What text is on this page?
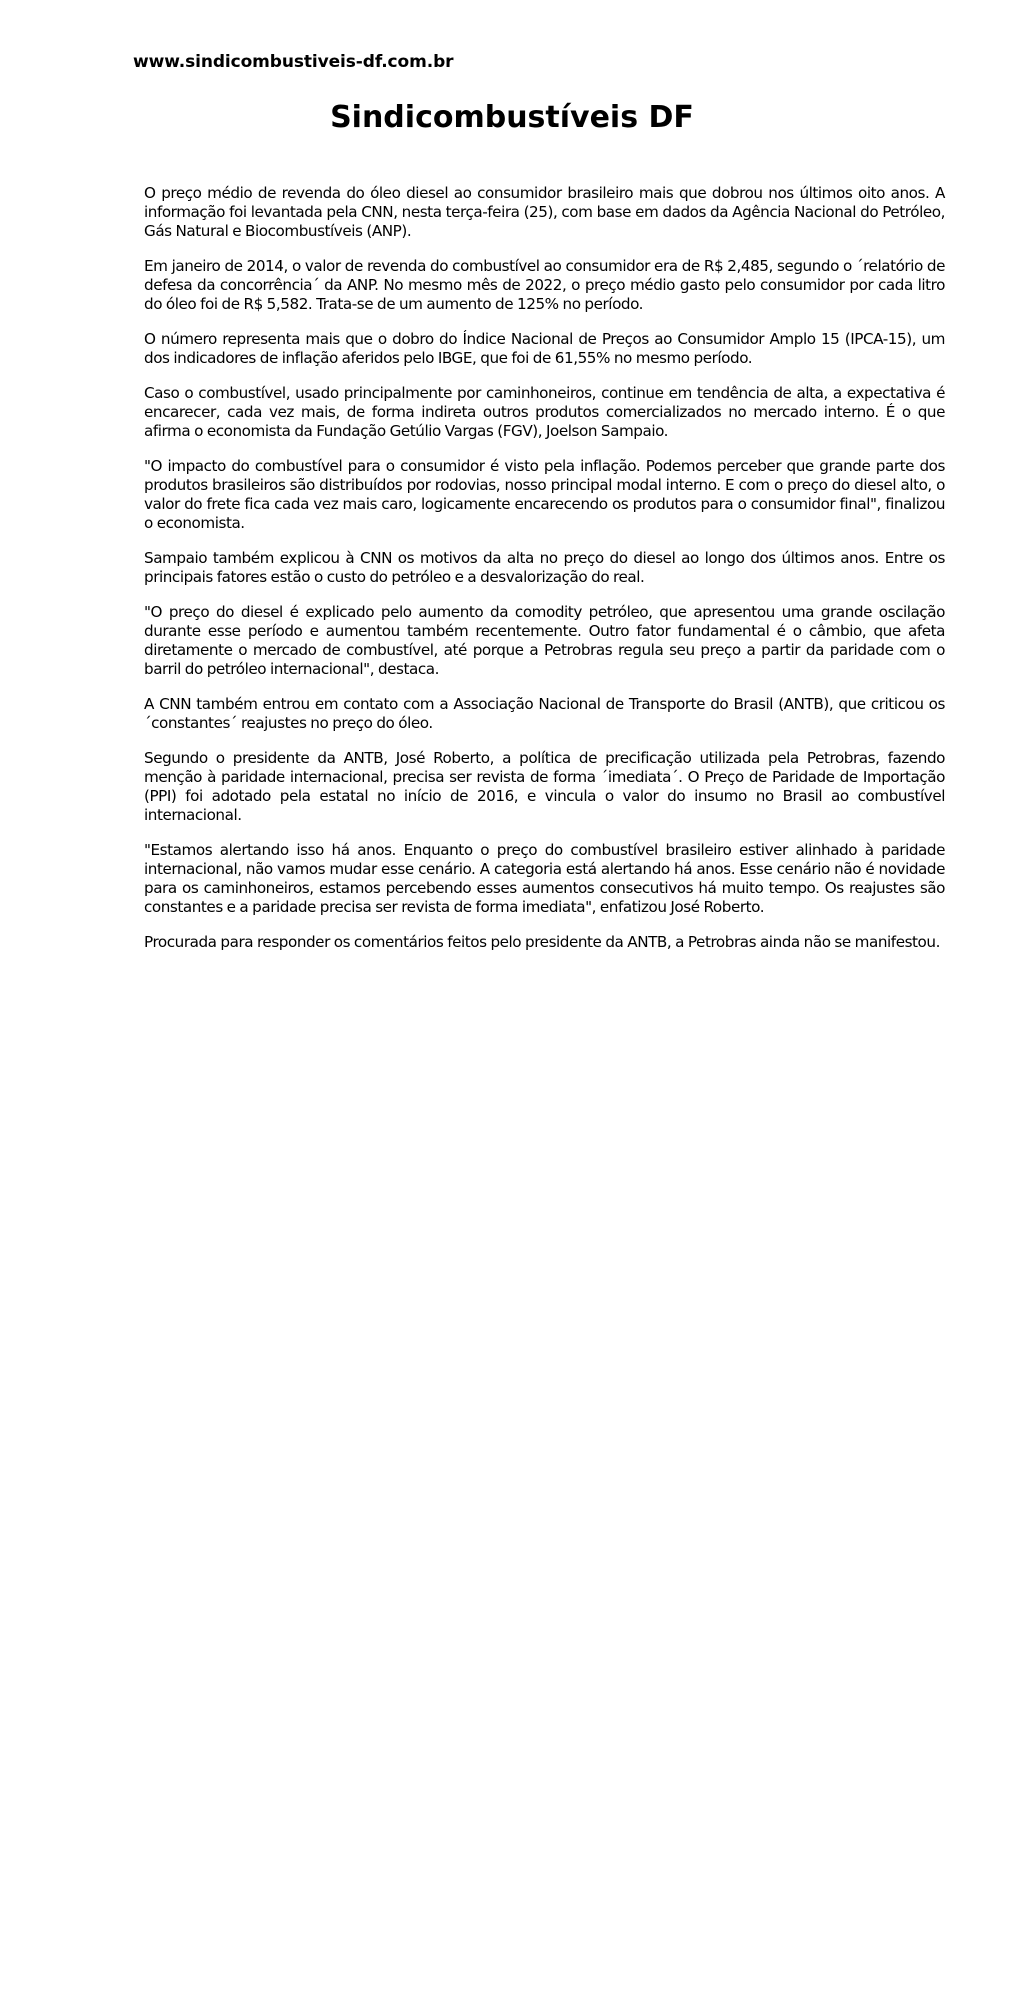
www.sindicombustiveis-df.com.br
Sindicombustíveis DF

O preço médio de revenda do óleo diesel ao consumidor brasileiro mais que dobrou nos últimos oito anos. A informação foi levantada pela CNN, nesta terça-feira (25), com base em dados da Agência Nacional do Petróleo, Gás Natural e Biocombustíveis (ANP).

Em janeiro de 2014, o valor de revenda do combustível ao consumidor era de R$ 2,485, segundo o ´relatório de defesa da concorrência´ da ANP. No mesmo mês de 2022, o preço médio gasto pelo consumidor por cada litro do óleo foi de R$ 5,582. Trata-se de um aumento de 125% no período.

O número representa mais que o dobro do Índice Nacional de Preços ao Consumidor Amplo 15 (IPCA-15), um dos indicadores de inflação aferidos pelo IBGE, que foi de 61,55% no mesmo período.

Caso o combustível, usado principalmente por caminhoneiros, continue em tendência de alta, a expectativa é encarecer, cada vez mais, de forma indireta outros produtos comercializados no mercado interno. É o que afirma o economista da Fundação Getúlio Vargas (FGV), Joelson Sampaio.

"O impacto do combustível para o consumidor é visto pela inflação. Podemos perceber que grande parte dos produtos brasileiros são distribuídos por rodovias, nosso principal modal interno. E com o preço do diesel alto, o valor do frete fica cada vez mais caro, logicamente encarecendo os produtos para o consumidor final", finalizou o economista.

Sampaio também explicou à CNN os motivos da alta no preço do diesel ao longo dos últimos anos. Entre os principais fatores estão o custo do petróleo e a desvalorização do real.

"O preço do diesel é explicado pelo aumento da comodity petróleo, que apresentou uma grande oscilação durante esse período e aumentou também recentemente. Outro fator fundamental é o câmbio, que afeta diretamente o mercado de combustível, até porque a Petrobras regula seu preço a partir da paridade com o barril do petróleo internacional", destaca.

A CNN também entrou em contato com a Associação Nacional de Transporte do Brasil (ANTB), que criticou os ´constantes´ reajustes no preço do óleo.

Segundo o presidente da ANTB, José Roberto, a política de precificação utilizada pela Petrobras, fazendo menção à paridade internacional, precisa ser revista de forma ´imediata´. O Preço de Paridade de Importação (PPI) foi adotado pela estatal no início de 2016, e vincula o valor do insumo no Brasil ao combustível internacional.

"Estamos alertando isso há anos. Enquanto o preço do combustível brasileiro estiver alinhado à paridade internacional, não vamos mudar esse cenário. A categoria está alertando há anos. Esse cenário não é novidade para os caminhoneiros, estamos percebendo esses aumentos consecutivos há muito tempo. Os reajustes são constantes e a paridade precisa ser revista de forma imediata", enfatizou José Roberto.

Procurada para responder os comentários feitos pelo presidente da ANTB, a Petrobras ainda não se manifestou.
